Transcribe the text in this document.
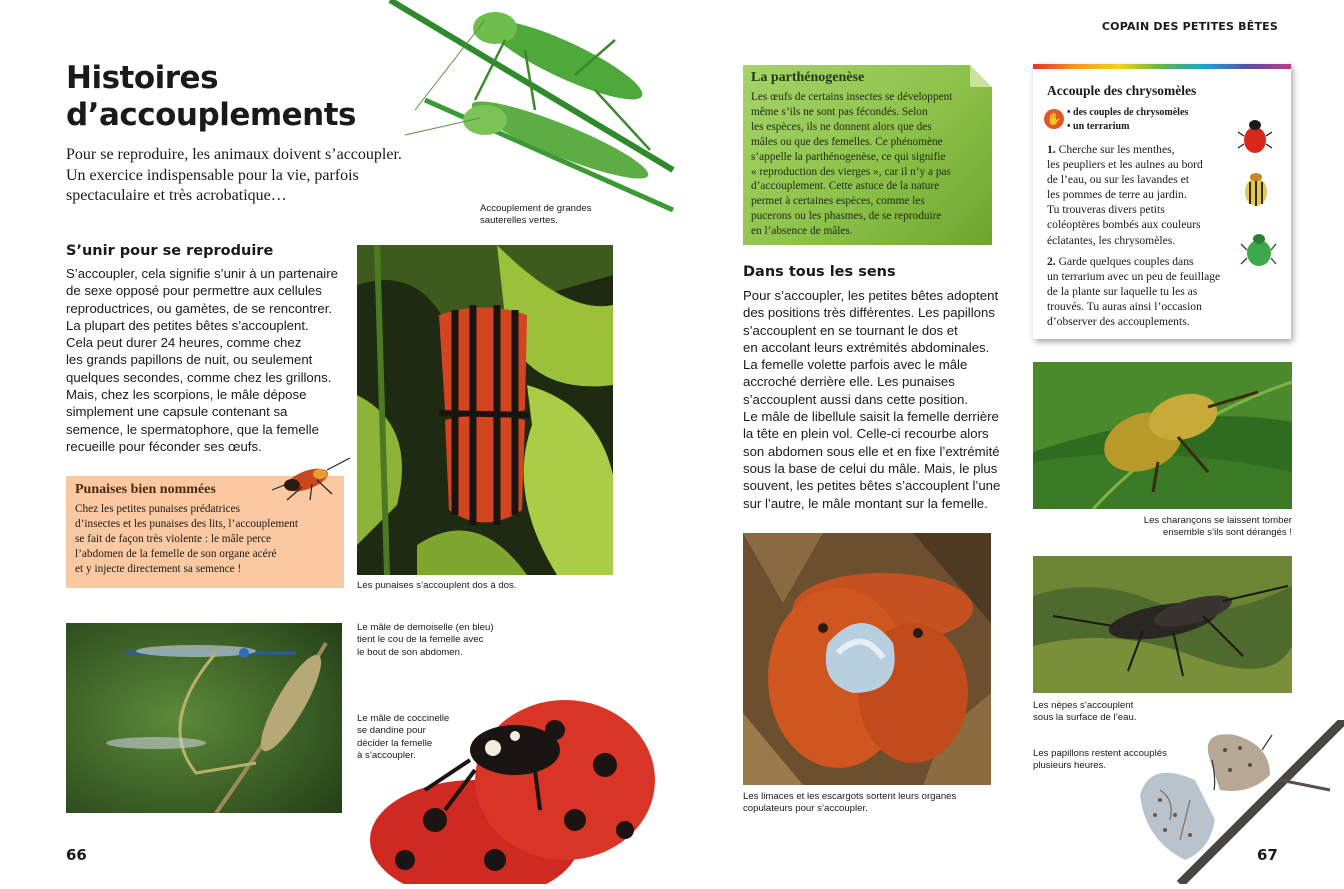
COPAIN DES PETITES BÊTES
Histoires
d’accouplements

Pour se reproduire, les animaux doivent s’accoupler. Un exercice indispensable pour la vie, parfois spectaculaire et très acrobatique…

Accouplement de grandes
sauterelles vertes.
S’unir pour se reproduire

S’accoupler, cela signifie s’unir à un partenaire

de sexe opposé pour permettre aux cellules

reproductrices, ou gamètes, de se rencontrer.

La plupart des petites bêtes s’accouplent.

Cela peut durer 24 heures, comme chez

les grands papillons de nuit, ou seulement

quelques secondes, comme chez les grillons.

Mais, chez les scorpions, le mâle dépose

simplement une capsule contenant sa

semence, le spermatophore, que la femelle

recueille pour féconder ses œufs.

Punaises bien nommées
Chez les petites punaises prédatrices
d’insectes et les punaises des lits, l’accouplement
se fait de façon très violente : le mâle perce
l’abdomen de la femelle de son organe acéré
et y injecte directement sa semence !
Les punaises s’accouplent dos à dos.
Le mâle de demoiselle (en bleu)
tient le cou de la femelle avec
le bout de son abdomen.
Le mâle de coccinelle
se dandine pour
décider la femelle
à s’accoupler.
66
La parthénogenèse
Les œufs de certains insectes se développent
même s’ils ne sont pas fécondés. Selon
les espèces, ils ne donnent alors que des
mâles ou que des femelles. Ce phénomène
s’appelle la parthénogenèse, ce qui signifie
« reproduction des vierges », car il n’y a pas
d’accouplement. Cette astuce de la nature
permet à certaines espèces, comme les
pucerons ou les phasmes, de se reproduire
en l’absence de mâles.
Dans tous les sens

Pour s’accoupler, les petites bêtes adoptent

des positions très différentes. Les papillons

s’accouplent en se tournant le dos et

en accolant leurs extrémités abdominales.

La femelle volette parfois avec le mâle

accroché derrière elle. Les punaises

s’accouplent aussi dans cette position.

Le mâle de libellule saisit la femelle derrière

la tête en plein vol. Celle-ci recourbe alors

son abdomen sous elle et en fixe l’extrémité

sous la base de celui du mâle. Mais, le plus

souvent, les petites bêtes s’accouplent l’une

sur l’autre, le mâle montant sur la femelle.

Les limaces et les escargots sortent leurs organes
copulateurs pour s’accoupler.
Accouple des chrysomèles
✋ • des couples de chrysomèles
• un terrarium
1. Cherche sur les menthes,
les peupliers et les aulnes au bord
de l’eau, ou sur les lavandes et
les pommes de terre au jardin.
Tu trouveras divers petits
coléoptères bombés aux couleurs
éclatantes, les chrysomèles.
2. Garde quelques couples dans
un terrarium avec un peu de feuillage
de la plante sur laquelle tu les as
trouvés. Tu auras ainsi l’occasion
d’observer des accouplements.
Les charançons se laissent tomber
ensemble s’ils sont dérangés !
Les nèpes s’accouplent
sous la surface de l’eau.
Les papillons restent accouplés
plusieurs heures.
67
